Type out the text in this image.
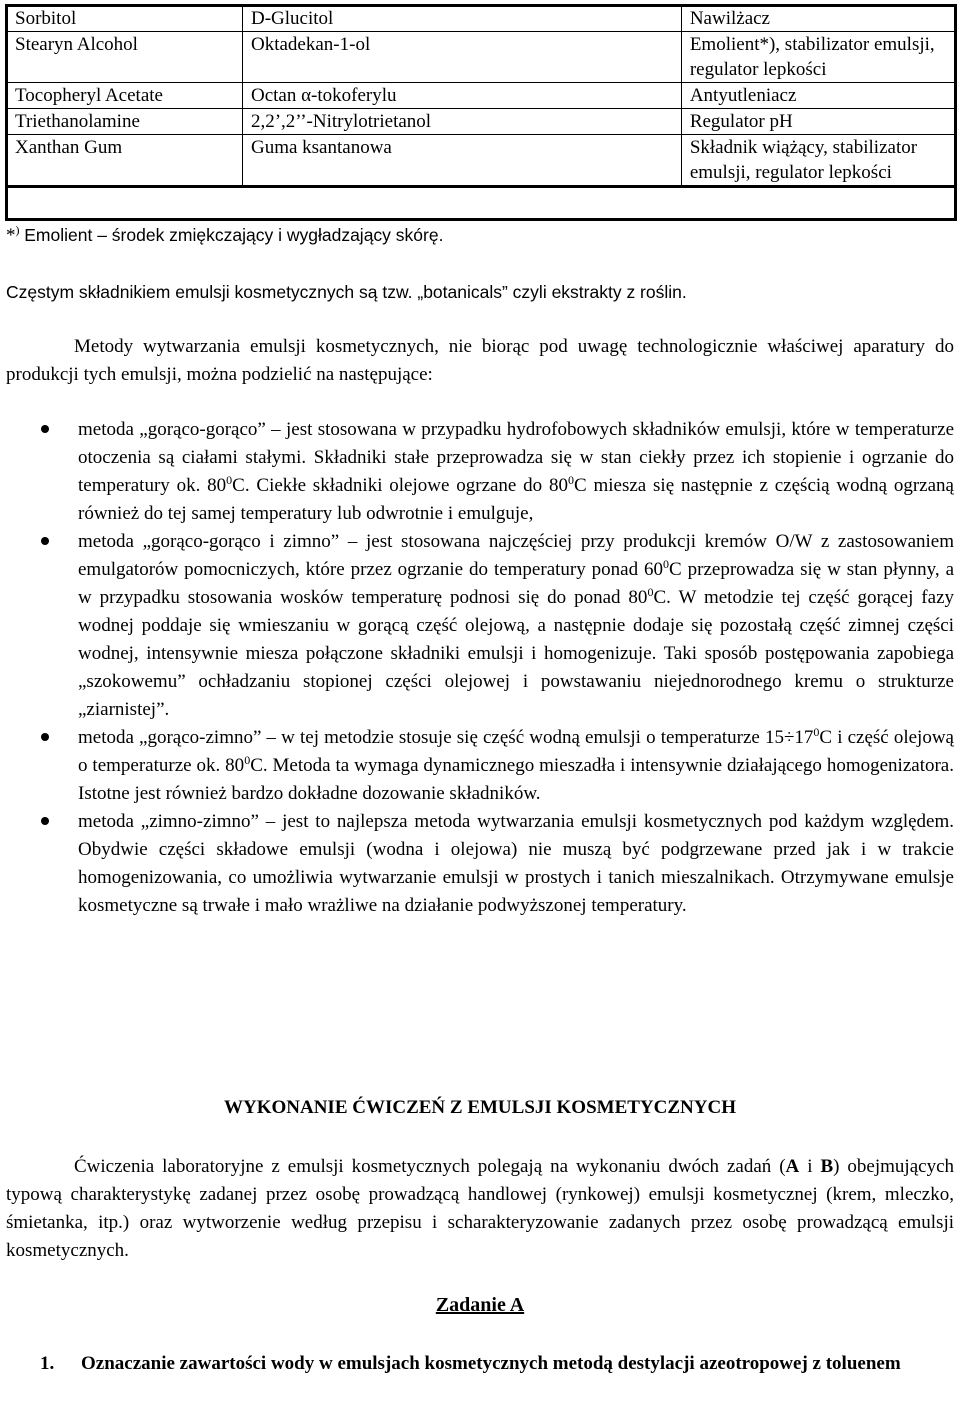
Sorbitol	D-Glucitol	Nawilżacz
Stearyn Alcohol	Oktadekan-1-ol	Emolient*), stabilizator emulsji, regulator lepkości
Tocopheryl Acetate	Octan α-tokoferylu	Antyutleniacz
Triethanolamine	2,2’,2’’-Nitrylotrietanol	Regulator pH
Xanthan Gum	Guma ksantanowa	Składnik wiążący, stabilizator emulsji, regulator lepkości
*) Emolient – środek zmiękczający i wygładzający skórę.
Częstym składnikiem emulsji kosmetycznych są tzw. „botanicals” czyli ekstrakty z roślin.
Metody wytwarzania emulsji kosmetycznych, nie biorąc pod uwagę technologicznie właściwej aparatury do produkcji tych emulsji, można podzielić na następujące:
metoda „gorąco-gorąco” – jest stosowana w przypadku hydrofobowych składników emulsji, które w temperaturze otoczenia są ciałami stałymi. Składniki stałe przeprowadza się w stan ciekły przez ich stopienie i ogrzanie do temperatury ok. $80^0C$. Ciekłe składniki olejowe ogrzane do $80^0C$ miesza się następnie z częścią wodną ogrzaną również do tej samej temperatury lub odwrotnie i emulguje,
metoda „gorąco-gorąco i zimno” – jest stosowana najczęściej przy produkcji kremów O/W z zastosowaniem emulgatorów pomocniczych, które przez ogrzanie do temperatury ponad $60^0C$ przeprowadza się w stan płynny, a w przypadku stosowania wosków temperaturę podnosi się do ponad $80^0C$. W metodzie tej część gorącej fazy wodnej poddaje się wmieszaniu w gorącą część olejową, a następnie dodaje się pozostałą część zimnej części wodnej, intensywnie miesza połączone składniki emulsji i homogenizuje. Taki sposób postępowania zapobiega „szokowemu” ochładzaniu stopionej części olejowej i powstawaniu niejednorodnego kremu o strukturze „ziarnistej”.
metoda „gorąco-zimno” – w tej metodzie stosuje się część wodną emulsji o temperaturze $15\div 17^0C$ i część olejową o temperaturze ok. $80^0C$. Metoda ta wymaga dynamicznego mieszadła i intensywnie działającego homogenizatora. Istotne jest również bardzo dokładne dozowanie składników.
metoda „zimno-zimno” – jest to najlepsza metoda wytwarzania emulsji kosmetycznych pod każdym względem. Obydwie części składowe emulsji (wodna i olejowa) nie muszą być podgrzewane przed jak i w trakcie homogenizowania, co umożliwia wytwarzanie emulsji w prostych i tanich mieszalnikach. Otrzymywane emulsje kosmetyczne są trwałe i mało wrażliwe na działanie podwyższonej temperatury.
WYKONANIE ĆWICZEŃ Z EMULSJI KOSMETYCZNYCH
Ćwiczenia laboratoryjne z emulsji kosmetycznych polegają na wykonaniu dwóch zadań (A i B) obejmujących typową charakterystykę zadanej przez osobę prowadzącą handlowej (rynkowej) emulsji kosmetycznej (krem, mleczko, śmietanka, itp.) oraz wytworzenie według przepisu i scharakteryzowanie zadanych przez osobę prowadzącą emulsji kosmetycznych.
Zadanie A
1. Oznaczanie zawartości wody w emulsjach kosmetycznych metodą destylacji azeotropowej z toluenem
